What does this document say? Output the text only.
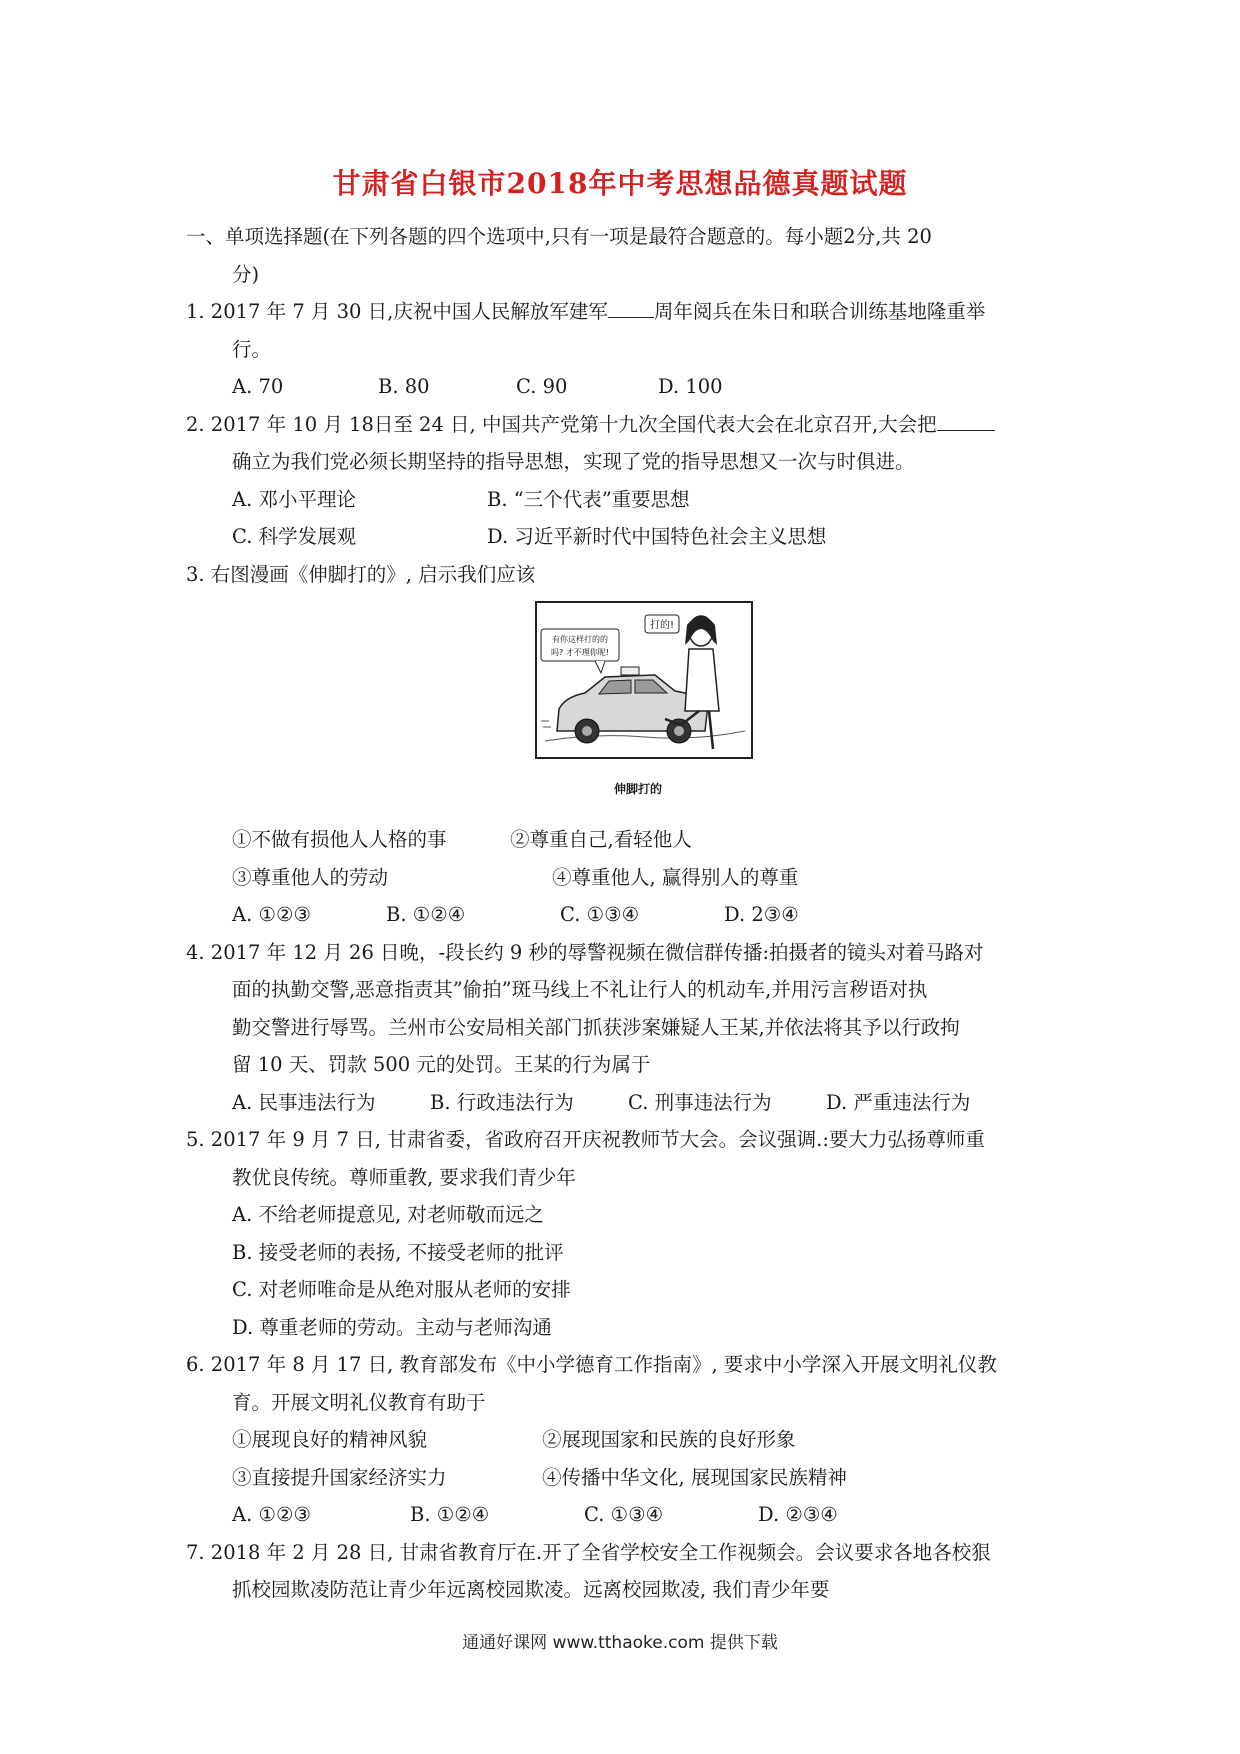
甘肃省白银市2018年中考思想品德真题试题
一、单项选择题(在下列各题的四个选项中,只有一项是最符合题意的。每小题2分,共 20
分)
1. 2017 年 7 月 30 日,庆祝中国人民解放军建军 周年阅兵在朱日和联合训练基地隆重举
行。
A. 70	B. 80	C. 90	D. 100
2. 2017 年 10 月 18日至 24 日, 中国共产党第十九次全国代表大会在北京召开,大会把
确立为我们党必须长期坚持的指导思想，实现了党的指导思想又一次与时俱进。
A. 邓小平理论	B. “三个代表”重要思想
C. 科学发展观	D. 习近平新时代中国特色社会主义思想
3. 右图漫画《伸脚打的》, 启示我们应该
打的!
有你这样打的的
吗? 才不理你呢!
伸脚打的
①不做有损他人人格的事	②尊重自己,看轻他人
③尊重他人的劳动	④尊重他人, 赢得别人的尊重
A. ①②③	B. ①②④	C. ①③④	D. 2③④
4. 2017 年 12 月 26 日晚，-段长约 9 秒的辱警视频在微信群传播:拍摄者的镜头对着马路对
面的执勤交警,恶意指责其”偷拍”斑马线上不礼让行人的机动车,并用污言秽语对执
勤交警进行辱骂。兰州市公安局相关部门抓获涉案嫌疑人王某,并依法将其予以行政拘
留 10 天、罚款 500 元的处罚。王某的行为属于
A. 民事违法行为	B. 行政违法行为	C. 刑事违法行为	D. 严重违法行为
5. 2017 年 9 月 7 日, 甘肃省委，省政府召开庆祝教师节大会。会议强调.:要大力弘扬尊师重
教优良传统。尊师重教, 要求我们青少年
A. 不给老师提意见, 对老师敬而远之
B. 接受老师的表扬, 不接受老师的批评
C. 对老师唯命是从绝对服从老师的安排
D. 尊重老师的劳动。主动与老师沟通
6. 2017 年 8 月 17 日, 教育部发布《中小学德育工作指南》, 要求中小学深入开展文明礼仪教
育。开展文明礼仪教育有助于
①展现良好的精神风貌	②展现国家和民族的良好形象
③直接提升国家经济实力	④传播中华文化, 展现国家民族精神
A. ①②③	B. ①②④	C. ①③④	D. ②③④
7. 2018 年 2 月 28 日, 甘肃省教育厅在.开了全省学校安全工作视频会。会议要求各地各校狠
抓校园欺凌防范让青少年远离校园欺凌。远离校园欺凌, 我们青少年要
通通好课网 www.tthaoke.com 提供下载
